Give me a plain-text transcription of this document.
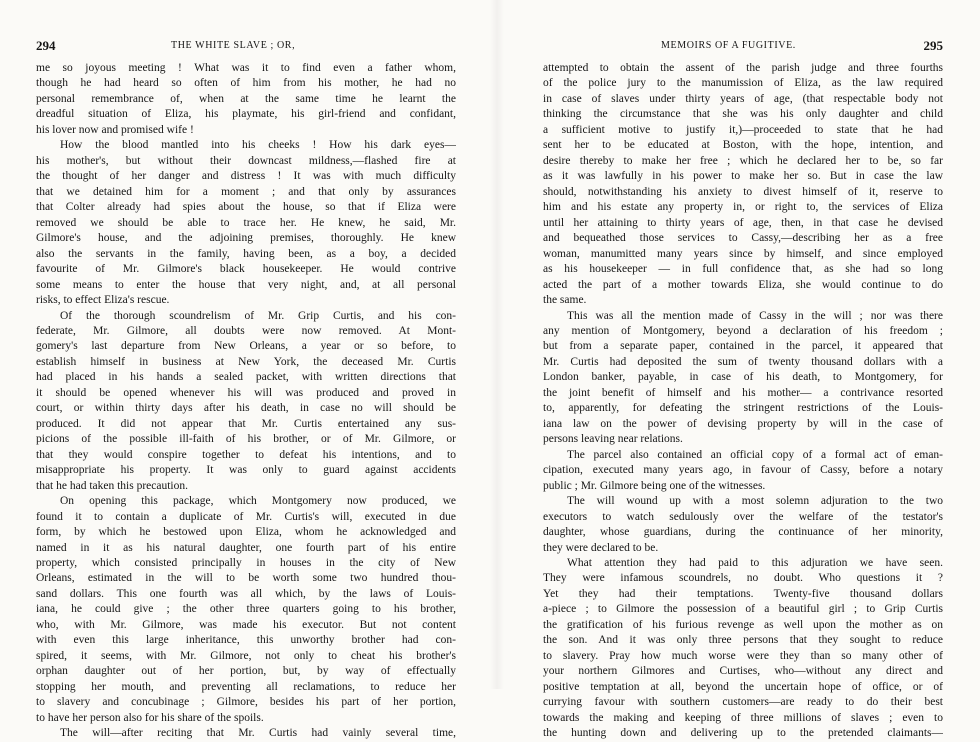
294	THE WHITE SLAVE ; OR,
me so joyous meeting ! What was it to find even a father whom,
though he had heard so often of him from his mother, he had no
personal remembrance of, when at the same time he learnt the
dreadful situation of Eliza, his playmate, his girl-friend and confidant,
his lover now and promised wife !
How the blood mantled into his cheeks ! How his dark eyes—
his mother's, but without their downcast mildness,—flashed fire at
the thought of her danger and distress ! It was with much difficulty
that we detained him for a moment ; and that only by assurances
that Colter already had spies about the house, so that if Eliza were
removed we should be able to trace her. He knew, he said, Mr.
Gilmore's house, and the adjoining premises, thoroughly. He knew
also the servants in the family, having been, as a boy, a decided
favourite of Mr. Gilmore's black housekeeper. He would contrive
some means to enter the house that very night, and, at all personal
risks, to effect Eliza's rescue.
Of the thorough scoundrelism of Mr. Grip Curtis, and his con-
federate, Mr. Gilmore, all doubts were now removed. At Mont-
gomery's last departure from New Orleans, a year or so before, to
establish himself in business at New York, the deceased Mr. Curtis
had placed in his hands a sealed packet, with written directions that
it should be opened whenever his will was produced and proved in
court, or within thirty days after his death, in case no will should be
produced. It did not appear that Mr. Curtis entertained any sus-
picions of the possible ill-faith of his brother, or of Mr. Gilmore, or
that they would conspire together to defeat his intentions, and to
misappropriate his property. It was only to guard against accidents
that he had taken this precaution.
On opening this package, which Montgomery now produced, we
found it to contain a duplicate of Mr. Curtis's will, executed in due
form, by which he bestowed upon Eliza, whom he acknowledged and
named in it as his natural daughter, one fourth part of his entire
property, which consisted principally in houses in the city of New
Orleans, estimated in the will to be worth some two hundred thou-
sand dollars. This one fourth was all which, by the laws of Louis-
iana, he could give ; the other three quarters going to his brother,
who, with Mr. Gilmore, was made his executor. But not content
with even this large inheritance, this unworthy brother had con-
spired, it seems, with Mr. Gilmore, not only to cheat his brother's
orphan daughter out of her portion, but, by way of effectually
stopping her mouth, and preventing all reclamations, to reduce her
to slavery and concubinage ; Gilmore, besides his part of her portion,
to have her person also for his share of the spoils.
The will—after reciting that Mr. Curtis had vainly several time,
MEMOIRS OF A FUGITIVE.	295
attempted to obtain the assent of the parish judge and three fourths
of the police jury to the manumission of Eliza, as the law required
in case of slaves under thirty years of age, (that respectable body not
thinking the circumstance that she was his only daughter and child
a sufficient motive to justify it,)—proceeded to state that he had
sent her to be educated at Boston, with the hope, intention, and
desire thereby to make her free ; which he declared her to be, so far
as it was lawfully in his power to make her so. But in case the law
should, notwithstanding his anxiety to divest himself of it, reserve to
him and his estate any property in, or right to, the services of Eliza
until her attaining to thirty years of age, then, in that case he devised
and bequeathed those services to Cassy,—describing her as a free
woman, manumitted many years since by himself, and since employed
as his housekeeper — in full confidence that, as she had so long
acted the part of a mother towards Eliza, she would continue to do
the same.
This was all the mention made of Cassy in the will ; nor was there
any mention of Montgomery, beyond a declaration of his freedom ;
but from a separate paper, contained in the parcel, it appeared that
Mr. Curtis had deposited the sum of twenty thousand dollars with a
London banker, payable, in case of his death, to Montgomery, for
the joint benefit of himself and his mother— a contrivance resorted
to, apparently, for defeating the stringent restrictions of the Louis-
iana law on the power of devising property by will in the case of
persons leaving near relations.
The parcel also contained an official copy of a formal act of eman-
cipation, executed many years ago, in favour of Cassy, before a notary
public ; Mr. Gilmore being one of the witnesses.
The will wound up with a most solemn adjuration to the two
executors to watch sedulously over the welfare of the testator's
daughter, whose guardians, during the continuance of her minority,
they were declared to be.
What attention they had paid to this adjuration we have seen.
They were infamous scoundrels, no doubt. Who questions it ?
Yet they had their temptations. Twenty-five thousand dollars
a-piece ; to Gilmore the possession of a beautiful girl ; to Grip Curtis
the gratification of his furious revenge as well upon the mother as on
the son. And it was only three persons that they sought to reduce
to slavery. Pray how much worse were they than so many other of
your northern Gilmores and Curtises, who—without any direct and
positive temptation at all, beyond the uncertain hope of office, or of
currying favour with southern customers—are ready to do their best
towards the making and keeping of three millions of slaves ; even to
the hunting down and delivering up to the pretended claimants—
